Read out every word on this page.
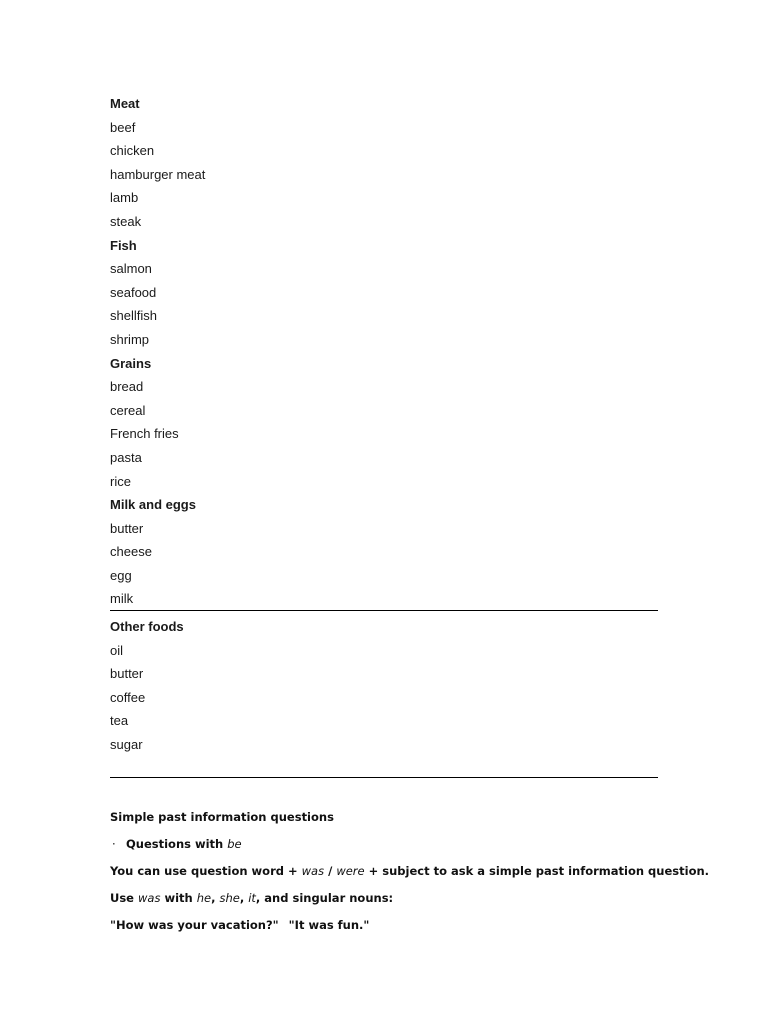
Meat
beef
chicken
hamburger meat
lamb
steak
Fish
salmon
seafood
shellfish
shrimp
Grains
bread
cereal
French fries
pasta
rice
Milk and eggs
butter
cheese
egg
milk
Other foods
oil
butter
coffee
tea
sugar
Simple past information questions
· Questions with be
You can use question word + was / were + subject to ask a simple past information question.
Use was with he, she, it, and singular nouns:
"How was your vacation?" "It was fun."
